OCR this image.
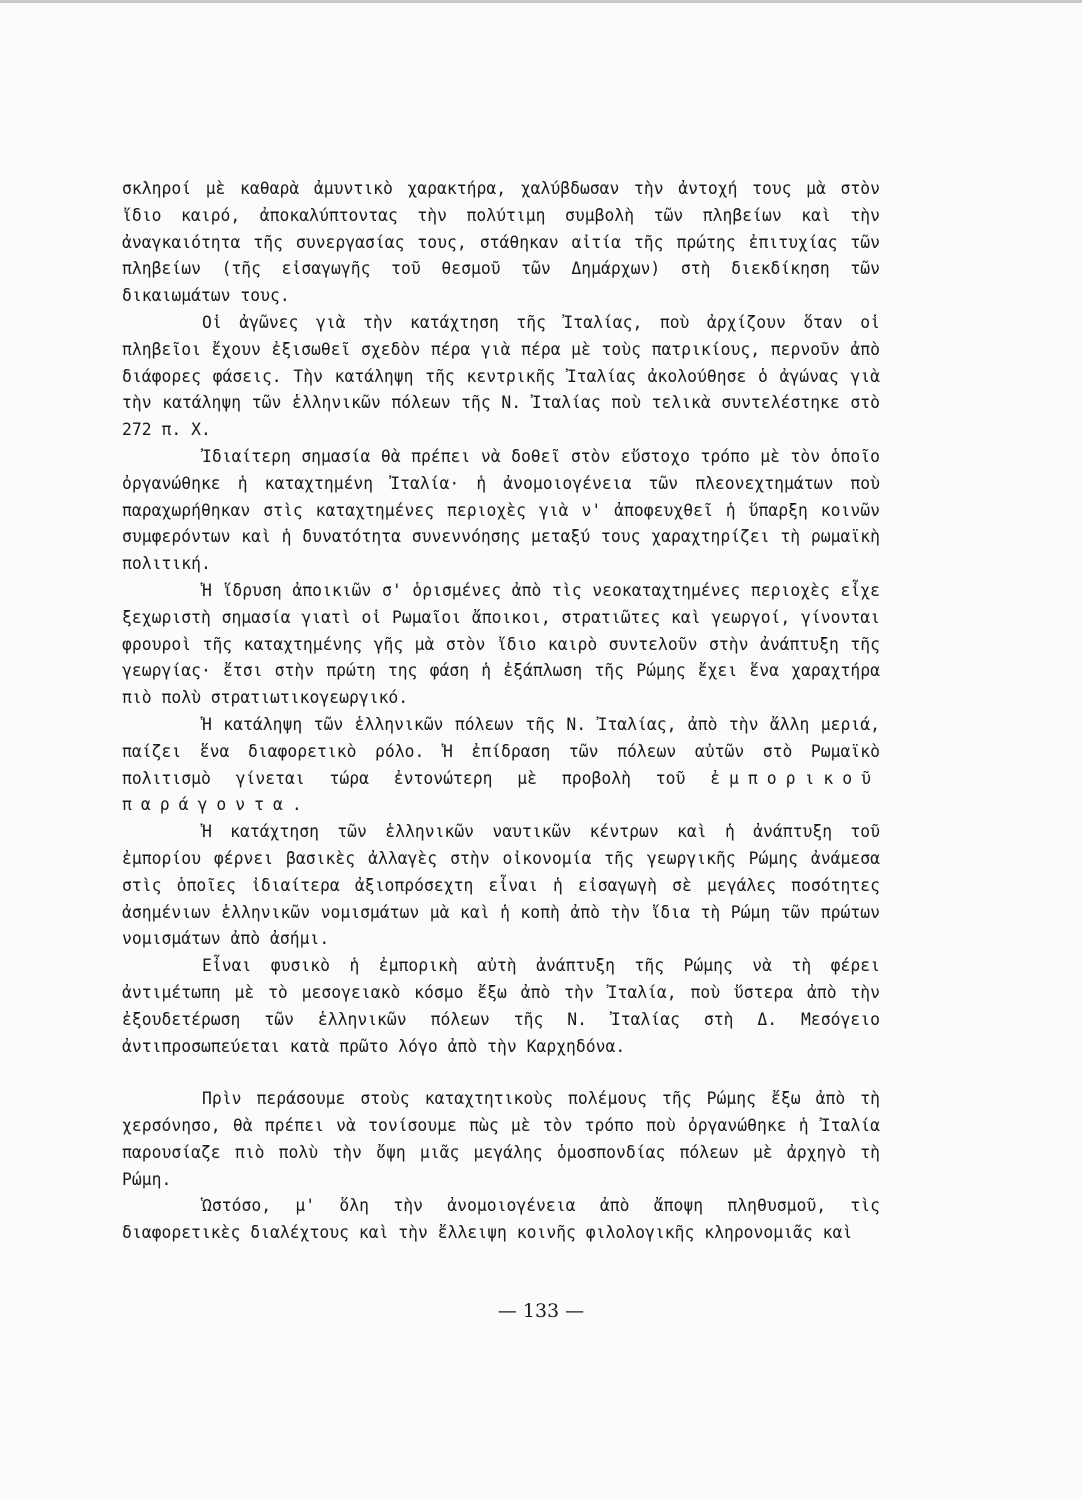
σκληροί μὲ καθαρὰ ἀμυντικὸ χαρακτήρα, χαλύβδωσαν τὴν ἀντοχή τους μὰ στὸν ἴδιο καιρό, ἀποκαλύπτοντας τὴν πολύτιμη συμβολὴ τῶν πληβείων καὶ τὴν ἀναγκαιότητα τῆς συνεργασίας τους, στάθηκαν αἰτία τῆς πρώτης ἐπιτυχίας τῶν πληβείων (τῆς εἰσαγωγῆς τοῦ θεσμοῦ τῶν Δημάρχων) στὴ διεκδίκηση τῶν δικαιωμάτων τους.

Οἱ ἀγῶνες γιὰ τὴν κατάχτηση τῆς Ἰταλίας, ποὺ ἀρχίζουν ὅταν οἱ πληβεῖοι ἔχουν ἐξισωθεῖ σχεδὸν πέρα γιὰ πέρα μὲ τοὺς πατρικίους, περνοῦν ἀπὸ διάφορες φάσεις. Τὴν κατάληψη τῆς κεντρικῆς Ἰταλίας ἀκολούθησε ὁ ἀγώνας γιὰ τὴν κατάληψη τῶν ἑλληνικῶν πόλεων τῆς Ν. Ἰταλίας ποὺ τελικὰ συντελέστηκε στὸ 272 π. Χ.

Ἰδιαίτερη σημασία θὰ πρέπει νὰ δοθεῖ στὸν εὔστοχο τρόπο μὲ τὸν ὁποῖο ὀργανώθηκε ἡ καταχτημένη Ἰταλία· ἡ ἀνομοιογένεια τῶν πλεονεχτημάτων ποὺ παραχωρήθηκαν στὶς καταχτημένες περιοχὲς γιὰ ν' ἀποφευχθεῖ ἡ ὕπαρξη κοινῶν συμφερόντων καὶ ἡ δυνατότητα συνεννόησης μεταξύ τους χαραχτηρίζει τὴ ρωμαϊκὴ πολιτική.

Ἡ ἵδρυση ἀποικιῶν σ' ὁρισμένες ἀπὸ τὶς νεοκαταχτημένες περιοχὲς εἶχε ξεχωριστὴ σημασία γιατὶ οἱ Ρωμαῖοι ἄποικοι, στρατιῶτες καὶ γεωργοί, γίνονται φρουροὶ τῆς καταχτημένης γῆς μὰ στὸν ἴδιο καιρὸ συντελοῦν στὴν ἀνάπτυξη τῆς γεωργίας· ἔτσι στὴν πρώτη της φάση ἡ ἐξάπλωση τῆς Ρώμης ἔχει ἕνα χαραχτήρα πιὸ πολὺ στρατιωτικογεωργικό.

Ἡ κατάληψη τῶν ἑλληνικῶν πόλεων τῆς Ν. Ἰταλίας, ἀπὸ τὴν ἄλλη μεριά, παίζει ἕνα διαφορετικὸ ρόλο. Ἡ ἐπίδραση τῶν πόλεων αὐτῶν στὸ Ρωμαϊκὸ πολιτισμὸ γίνεται τώρα ἐντονώτερη μὲ προβολὴ τοῦ ἐμπορικοῦ παράγοντα.

Ἡ κατάχτηση τῶν ἑλληνικῶν ναυτικῶν κέντρων καὶ ἡ ἀνάπτυξη τοῦ ἐμπορίου φέρνει βασικὲς ἀλλαγὲς στὴν οἰκονομία τῆς γεωργικῆς Ρώμης ἀνάμεσα στὶς ὁποῖες ἰδιαίτερα ἀξιοπρόσεχτη εἶναι ἡ εἰσαγωγὴ σὲ μεγάλες ποσότητες ἀσημένιων ἑλληνικῶν νομισμάτων μὰ καὶ ἡ κοπὴ ἀπὸ τὴν ἴδια τὴ Ρώμη τῶν πρώτων νομισμάτων ἀπὸ ἀσήμι.

Εἶναι φυσικὸ ἡ ἐμπορικὴ αὐτὴ ἀνάπτυξη τῆς Ρώμης νὰ τὴ φέρει ἀντιμέτωπη μὲ τὸ μεσογειακὸ κόσμο ἔξω ἀπὸ τὴν Ἰταλία, ποὺ ὕστερα ἀπὸ τὴν ἐξουδετέρωση τῶν ἑλληνικῶν πόλεων τῆς Ν. Ἰταλίας στὴ Δ. Μεσόγειο ἀντιπροσωπεύεται κατὰ πρῶτο λόγο ἀπὸ τὴν Καρχηδόνα.

Πρὶν περάσουμε στοὺς καταχτητικοὺς πολέμους τῆς Ρώμης ἔξω ἀπὸ τὴ χερσόνησο, θὰ πρέπει νὰ τονίσουμε πὼς μὲ τὸν τρόπο ποὺ ὀργανώθηκε ἡ Ἰταλία παρουσίαζε πιὸ πολὺ τὴν ὄψη μιᾶς μεγάλης ὁμοσπονδίας πόλεων μὲ ἀρχηγὸ τὴ Ρώμη.

Ὡστόσο, μ' ὅλη τὴν ἀνομοιογένεια ἀπὸ ἄποψη πληθυσμοῦ, τὶς διαφορετικὲς διαλέχτους καὶ τὴν ἔλλειψη κοινῆς φιλολογικῆς κληρονομιᾶς καὶ

— 133 —
